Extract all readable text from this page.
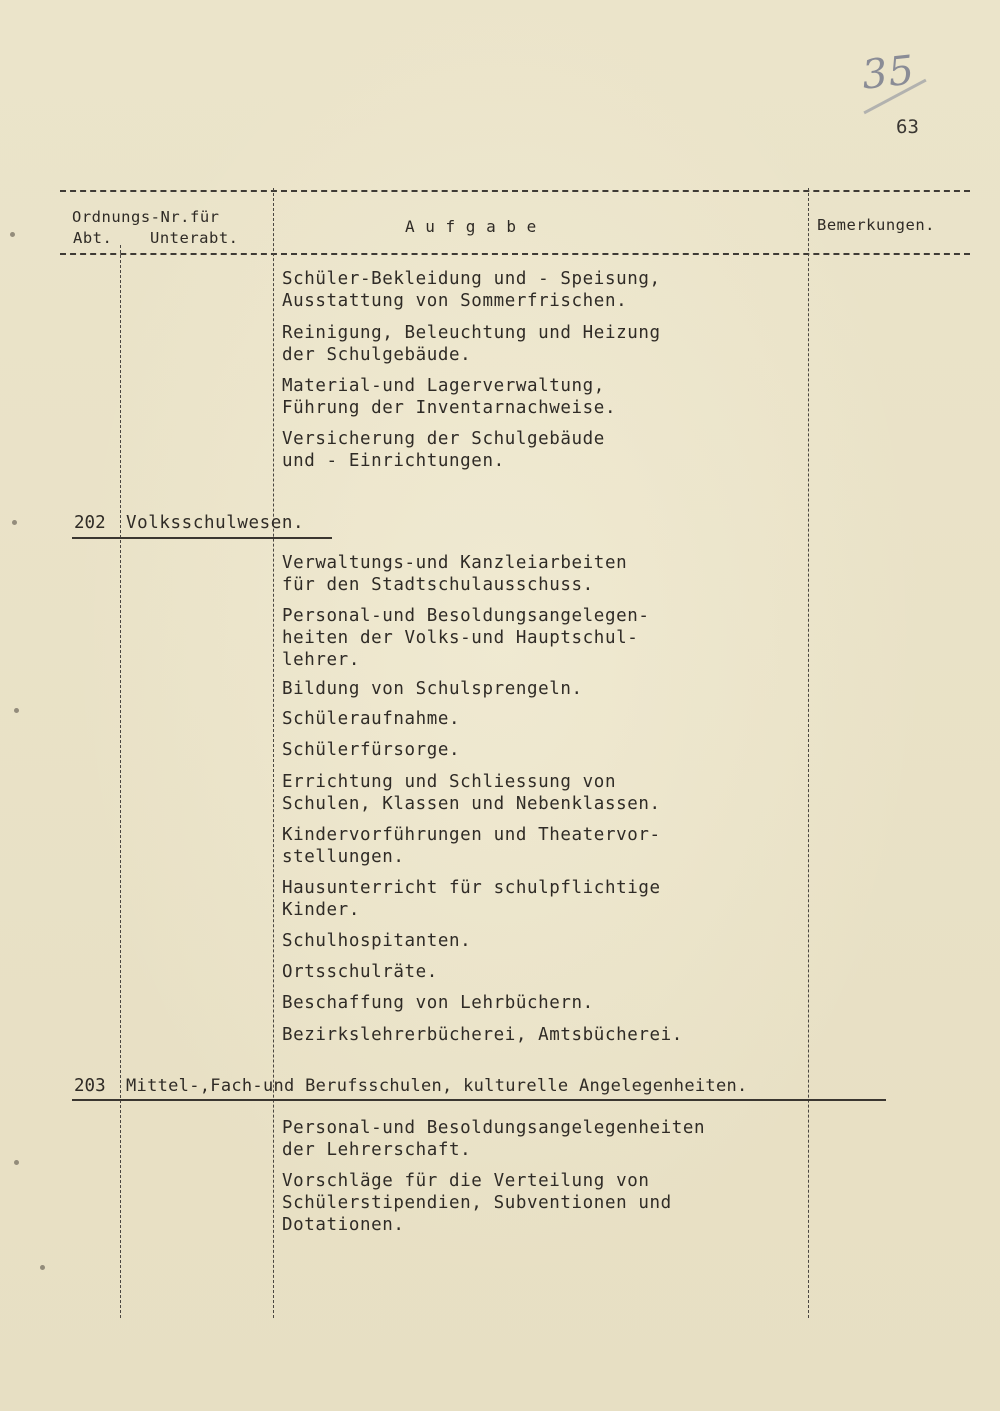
35
63
Ordnungs-Nr.für
Abt. Unterabt.
A u f g a b e	Bemerkungen.
Schüler-Bekleidung und - Speisung,
Ausstattung von Sommerfrischen.
Reinigung, Beleuchtung und Heizung
der Schulgebäude.
Material-und Lagerverwaltung,
Führung der Inventarnachweise.
Versicherung der Schulgebäude
und - Einrichtungen.
202 Volksschulwesen.
Verwaltungs-und Kanzleiarbeiten
für den Stadtschulausschuss.
Personal-und Besoldungsangelegen-
heiten der Volks-und Hauptschul-
lehrer.
Bildung von Schulsprengeln.
Schüleraufnahme.
Schülerfürsorge.
Errichtung und Schliessung von
Schulen, Klassen und Nebenklassen.
Kindervorführungen und Theatervor-
stellungen.
Hausunterricht für schulpflichtige
Kinder.
Schulhospitanten.
Ortsschulräte.
Beschaffung von Lehrbüchern.
Bezirkslehrerbücherei, Amtsbücherei.
203 Mittel-,Fach-und Berufsschulen, kulturelle Angelegenheiten.
Personal-und Besoldungsangelegenheiten
der Lehrerschaft.
Vorschläge für die Verteilung von
Schülerstipendien, Subventionen und
Dotationen.
